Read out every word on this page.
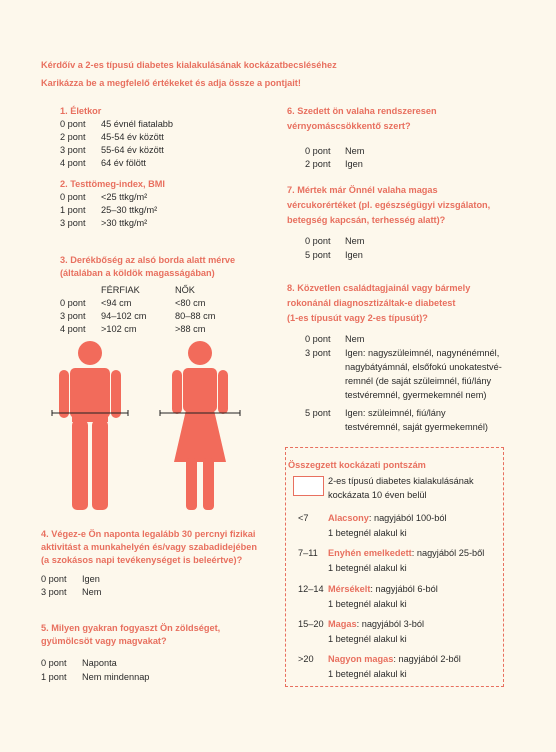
Kérdőív a 2-es típusú diabetes kialakulásának kockázatbecsléséhez
Karikázza be a megfelelő értékeket és adja össze a pontjait!
1. Életkor
0 pont 45 évnél fiatalabb
2 pont 45-54 év között
3 pont 55-64 év között
4 pont 64 év fölött
2. Testtömeg-index, BMI
0 pont <25 ttkg/m²
1 pont 25–30 ttkg/m²
3 pont >30 ttkg/m²
3. Derékbőség az alsó borda alatt mérve
(általában a köldök magasságában)
FÉRFIAK	NŐK
0 pont <94 cm	<80 cm
3 pont 94–102 cm	80–88 cm
4 pont >102 cm	>88 cm
4. Végez-e Ön naponta legalább 30 percnyi fizikai
aktivitást a munkahelyén és/vagy szabadidejében
(a szokásos napi tevékenységet is beleértve)?
0 pont Igen
3 pont Nem
5. Milyen gyakran fogyaszt Ön zöldséget,
gyümölcsöt vagy magvakat?
0 pont Naponta
1 pont Nem mindennap
6. Szedett ön valaha rendszeresen
vérnyomáscsökkentő szert?
0 pont Nem
2 pont Igen
7. Mértek már Önnél valaha magas
vércukorértéket (pl. egészségügyi vizsgálaton,
betegség kapcsán, terhesség alatt)?
0 pont Nem
5 pont Igen
8. Közvetlen családtagjainál vagy bármely
rokonánál diagnosztizáltak-e diabetest
(1-es típusút vagy 2-es típusút)?
0 pont Nem
3 pont Igen: nagyszüleimnél, nagynénémnél,
nagybátyámnál, elsőfokú unokatestvé-
remnél (de saját szüleimnél, fiú/lány
testvéremnél, gyermekemnél nem)
5 pont Igen: szüleimnél, fiú/lány
testvéremnél, saját gyermekemnél)
Összegzett kockázati pontszám
2-es típusú diabetes kialakulásának
kockázata 10 éven belül
<7 Alacsony: nagyjából 100-ból
1 betegnél alakul ki
7–11 Enyhén emelkedett: nagyjából 25-ből
1 betegnél alakul ki
12–14 Mérsékelt: nagyjából 6-ból
1 betegnél alakul ki
15–20 Magas: nagyjából 3-ból
1 betegnél alakul ki
>20 Nagyon magas: nagyjából 2-ből
1 betegnél alakul ki
